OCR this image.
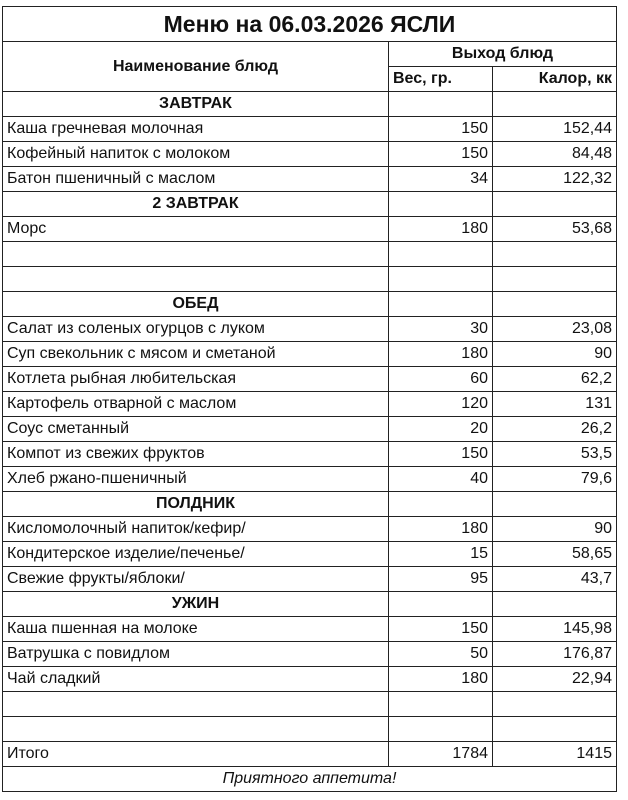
Меню на 06.03.2026 ЯСЛИ		
Наименование блюд	Выход блюд	
	Вес, гр.	Калор, кк
ЗАВТРАК		
Каша гречневая молочная	150	152,44
Кофейный напиток с молоком	150	84,48
Батон пшеничный с маслом	34	122,32
2 ЗАВТРАК		
Морс	180	53,68

ОБЕД		
Салат из соленых огурцов с луком	30	23,08
Суп свекольник с мясом и сметаной	180	90
Котлета рыбная любительская	60	62,2
Картофель отварной с маслом	120	131
Соус сметанный	20	26,2
Компот из свежих фруктов	150	53,5
Хлеб ржано-пшеничный	40	79,6
ПОЛДНИК		
Кисломолочный напиток/кефир/	180	90
Кондитерское изделие/печенье/	15	58,65
Свежие фрукты/яблоки/	95	43,7
УЖИН		
Каша пшенная на молоке	150	145,98
Ватрушка с повидлом	50	176,87
Чай сладкий	180	22,94

Итого	1784	1415
Приятного аппетита!		
